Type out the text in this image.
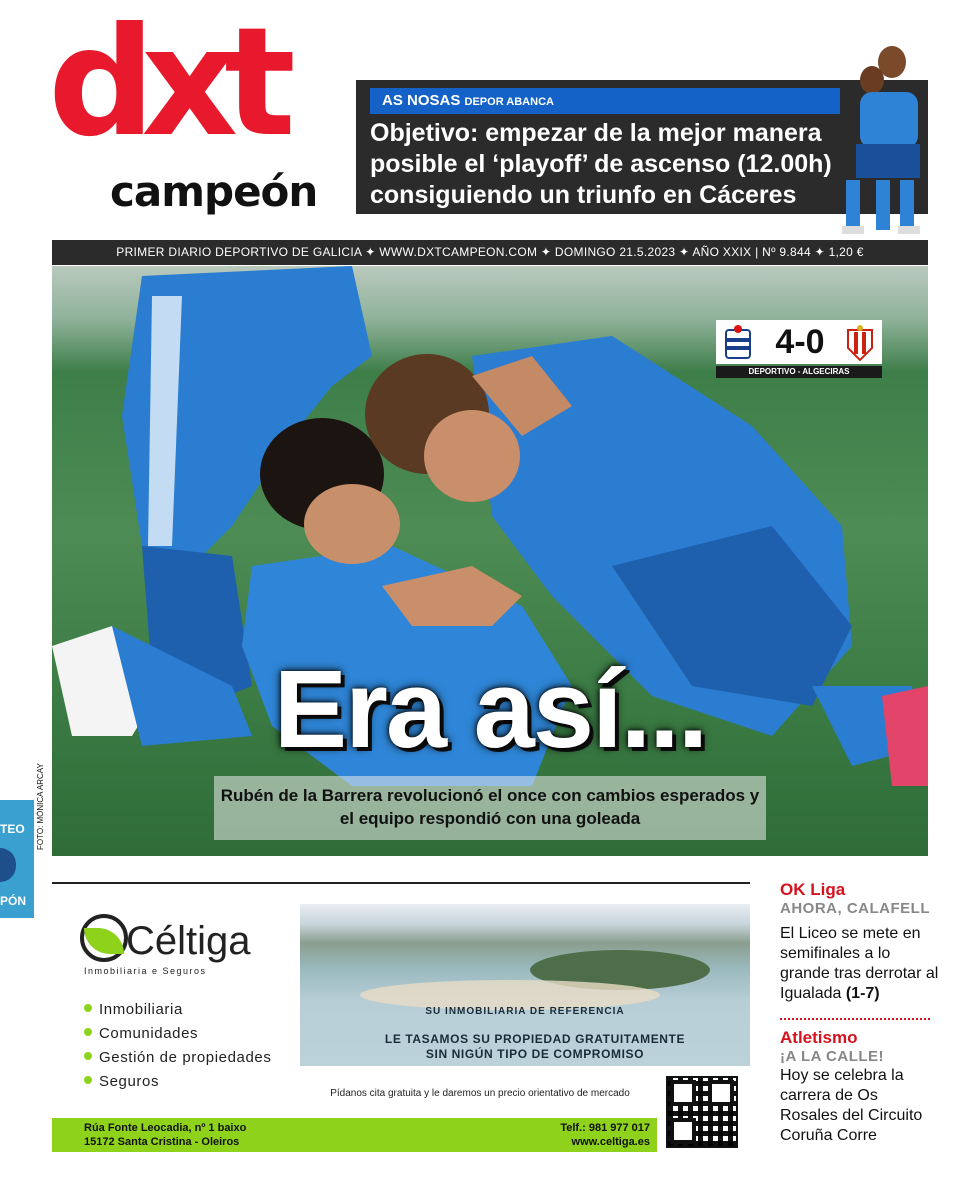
dxt
campeón
AS NOSAS DEPOR ABANCA
Objetivo: empezar de la mejor manera posible el ‘playoff’ de ascenso (12.00h) consiguiendo un triunfo en Cáceres
PRIMER DIARIO DEPORTIVO DE GALICIA ✦ WWW.DXTCAMPEON.COM ✦ DOMINGO 21.5.2023 ✦ AÑO XXIX | Nº 9.844 ✦ 1,20 €
4-0
DEPORTIVO - ALGECIRAS
Era así...
Rubén de la Barrera revolucionó el once con cambios esperados y el equipo respondió con una goleada
FOTO: MÓNICA ARCAY
TEO
PÓN
Céltiga
Inmobiliaria e Seguros
Inmobiliaria
Comunidades
Gestión de propiedades
Seguros
SU INMOBILIARIA DE REFERENCIA
LE TASAMOS SU PROPIEDAD GRATUITAMENTE
SIN NIGÚN TIPO DE COMPROMISO
Pídanos cita gratuita y le daremos un precio orientativo de mercado
Rúa Fonte Leocadia, nº 1 baixo
15172 Santa Cristina - Oleiros
Telf.: 981 977 017
www.celtiga.es
OK Liga
AHORA, CALAFELL
El Liceo se mete en semifinales a lo grande tras derrotar al Igualada (1-7)
Atletismo
¡A LA CALLE!
Hoy se celebra la carrera de Os Rosales del Circuito Coruña Corre
